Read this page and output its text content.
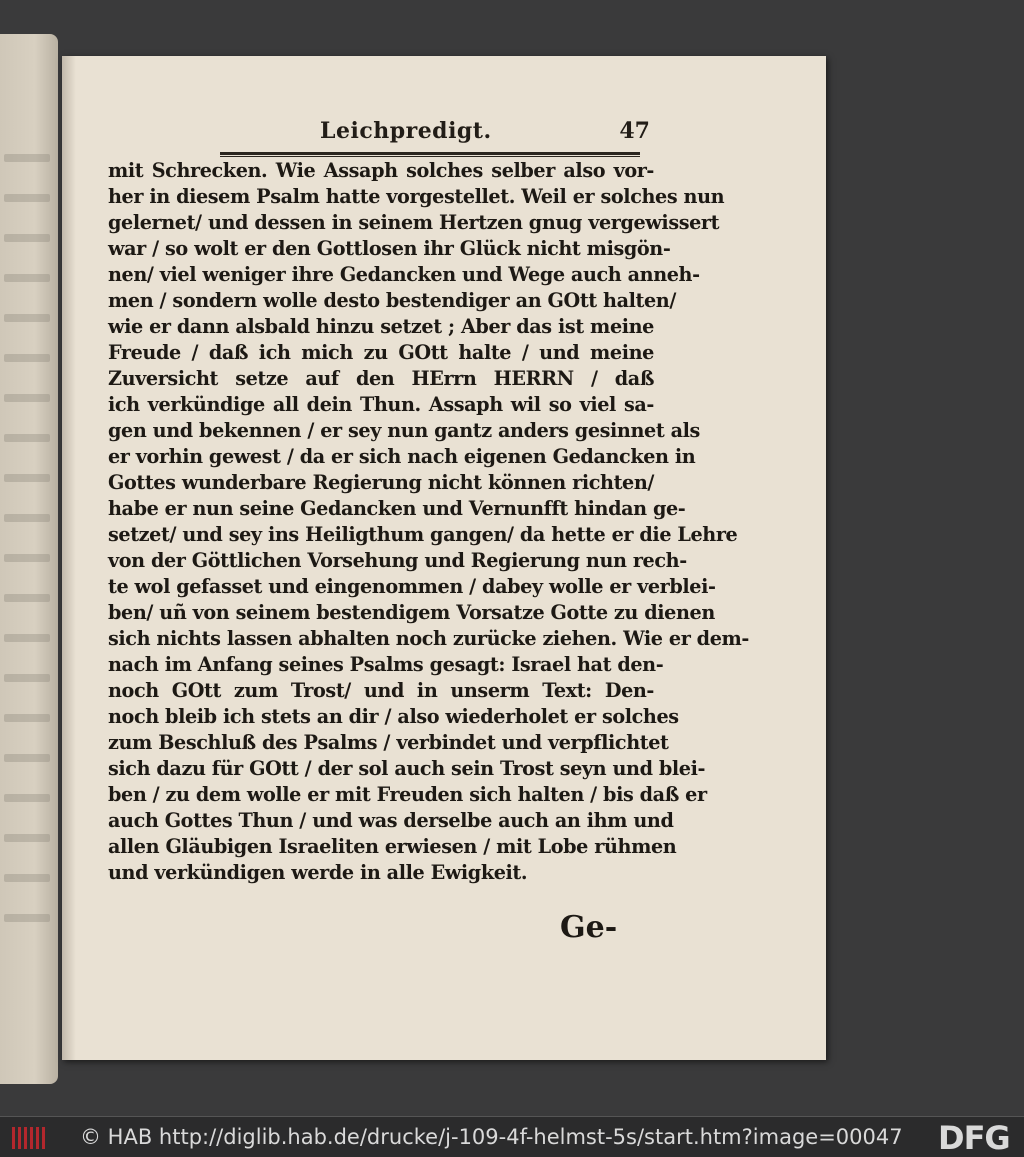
Leichpredigt.	47
mit Schrecken. Wie Assaph solches selber also vor-
her in diesem Psalm hatte vorgestellet. Weil er solches nun
gelernet/ und dessen in seinem Hertzen gnug vergewissert
war / so wolt er den Gottlosen ihr Glück nicht misgön-
nen/ viel weniger ihre Gedancken und Wege auch anneh-
men / sondern wolle desto bestendiger an GOtt halten/
wie er dann alsbald hinzu setzet ; Aber das ist meine
Freude / daß ich mich zu GOtt halte / und meine
Zuversicht setze auf den HErrn HERRN / daß
ich verkündige all dein Thun. Assaph wil so viel sa-
gen und bekennen / er sey nun gantz anders gesinnet als
er vorhin gewest / da er sich nach eigenen Gedancken in
Gottes wunderbare Regierung nicht können richten/
habe er nun seine Gedancken und Vernunfft hindan ge-
setzet/ und sey ins Heiligthum gangen/ da hette er die Lehre
von der Göttlichen Vorsehung und Regierung nun rech-
te wol gefasset und eingenommen / dabey wolle er verblei-
ben/ uñ von seinem bestendigem Vorsatze Gotte zu dienen
sich nichts lassen abhalten noch zurücke ziehen. Wie er dem-
nach im Anfang seines Psalms gesagt: Israel hat den-
noch GOtt zum Trost/ und in unserm Text: Den-
noch bleib ich stets an dir / also wiederholet er solches
zum Beschluß des Psalms / verbindet und verpflichtet
sich dazu für GOtt / der sol auch sein Trost seyn und blei-
ben / zu dem wolle er mit Freuden sich halten / bis daß er
auch Gottes Thun / und was derselbe auch an ihm und
allen Gläubigen Israeliten erwiesen / mit Lobe rühmen
und verkündigen werde in alle Ewigkeit.
Ge-
© HAB http://diglib.hab.de/drucke/j-109-4f-helmst-5s/start.htm?image=00047 DFG
